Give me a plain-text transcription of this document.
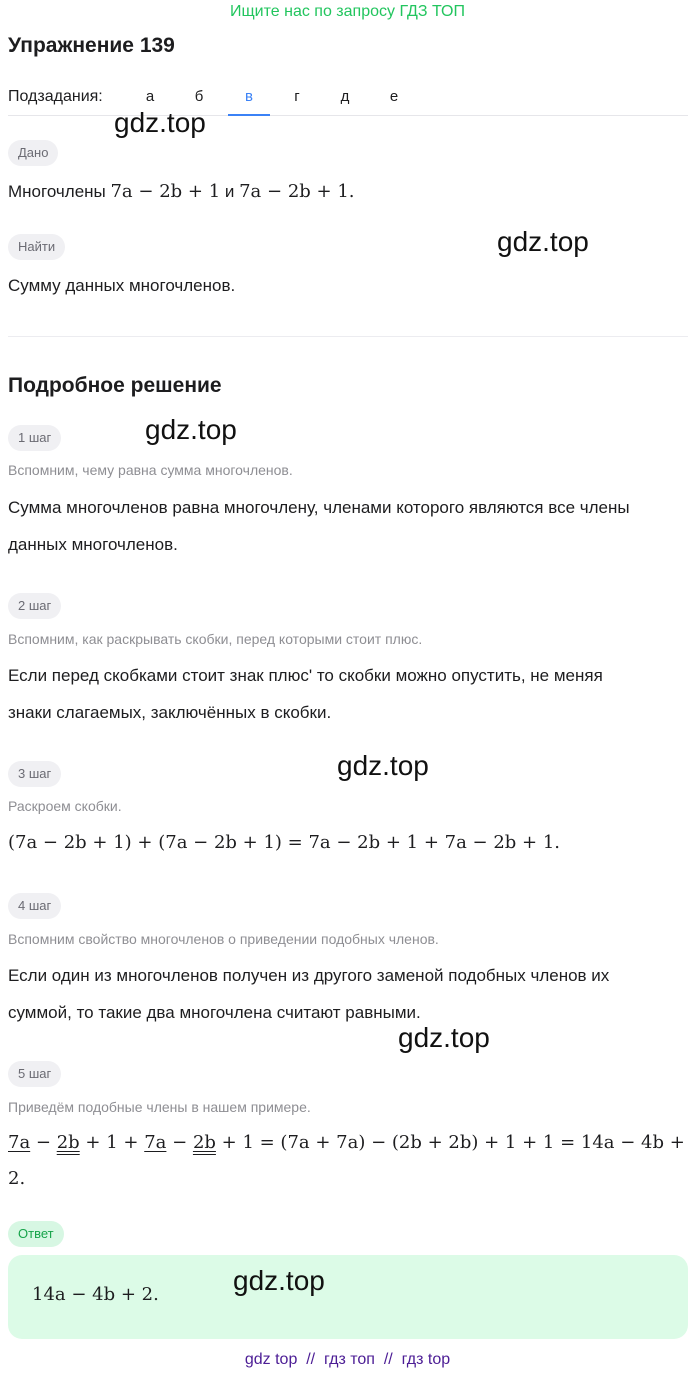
Ищите нас по запросу ГДЗ ТОП
Упражнение 139
Подзадания:	а	б	в	г	д	е
gdz.top
Дано
Многочлены 7a − 2b + 1 и 7a − 2b + 1.
Найти	gdz.top
Сумму данных многочленов.
Подробное решение
1 шаг	gdz.top
Вспомним, чему равна сумма многочленов.
Сумма многочленов равна многочлену, членами которого являются все члены
данных многочленов.
2 шаг
Вспомним, как раскрывать скобки, перед которыми стоит плюс.
Если перед скобками стоит знак плюс' то скобки можно опустить, не меняя
знаки слагаемых, заключённых в скобки.
3 шаг	gdz.top
Раскроем скобки.
(7a − 2b + 1) + (7a − 2b + 1) = 7a − 2b + 1 + 7a − 2b + 1.
4 шаг
Вспомним свойство многочленов о приведении подобных членов.
Если один из многочленов получен из другого заменой подобных членов их
суммой, то такие два многочлена считают равными.
gdz.top
5 шаг
Приведём подобные члены в нашем примере.
7a − 2b + 1 + 7a − 2b + 1 = (7a + 7a) − (2b + 2b) + 1 + 1 = 14a − 4b +
2.
Ответ
14a − 4b + 2.	gdz.top
gdz top  //  гдз топ  //  гдз top
